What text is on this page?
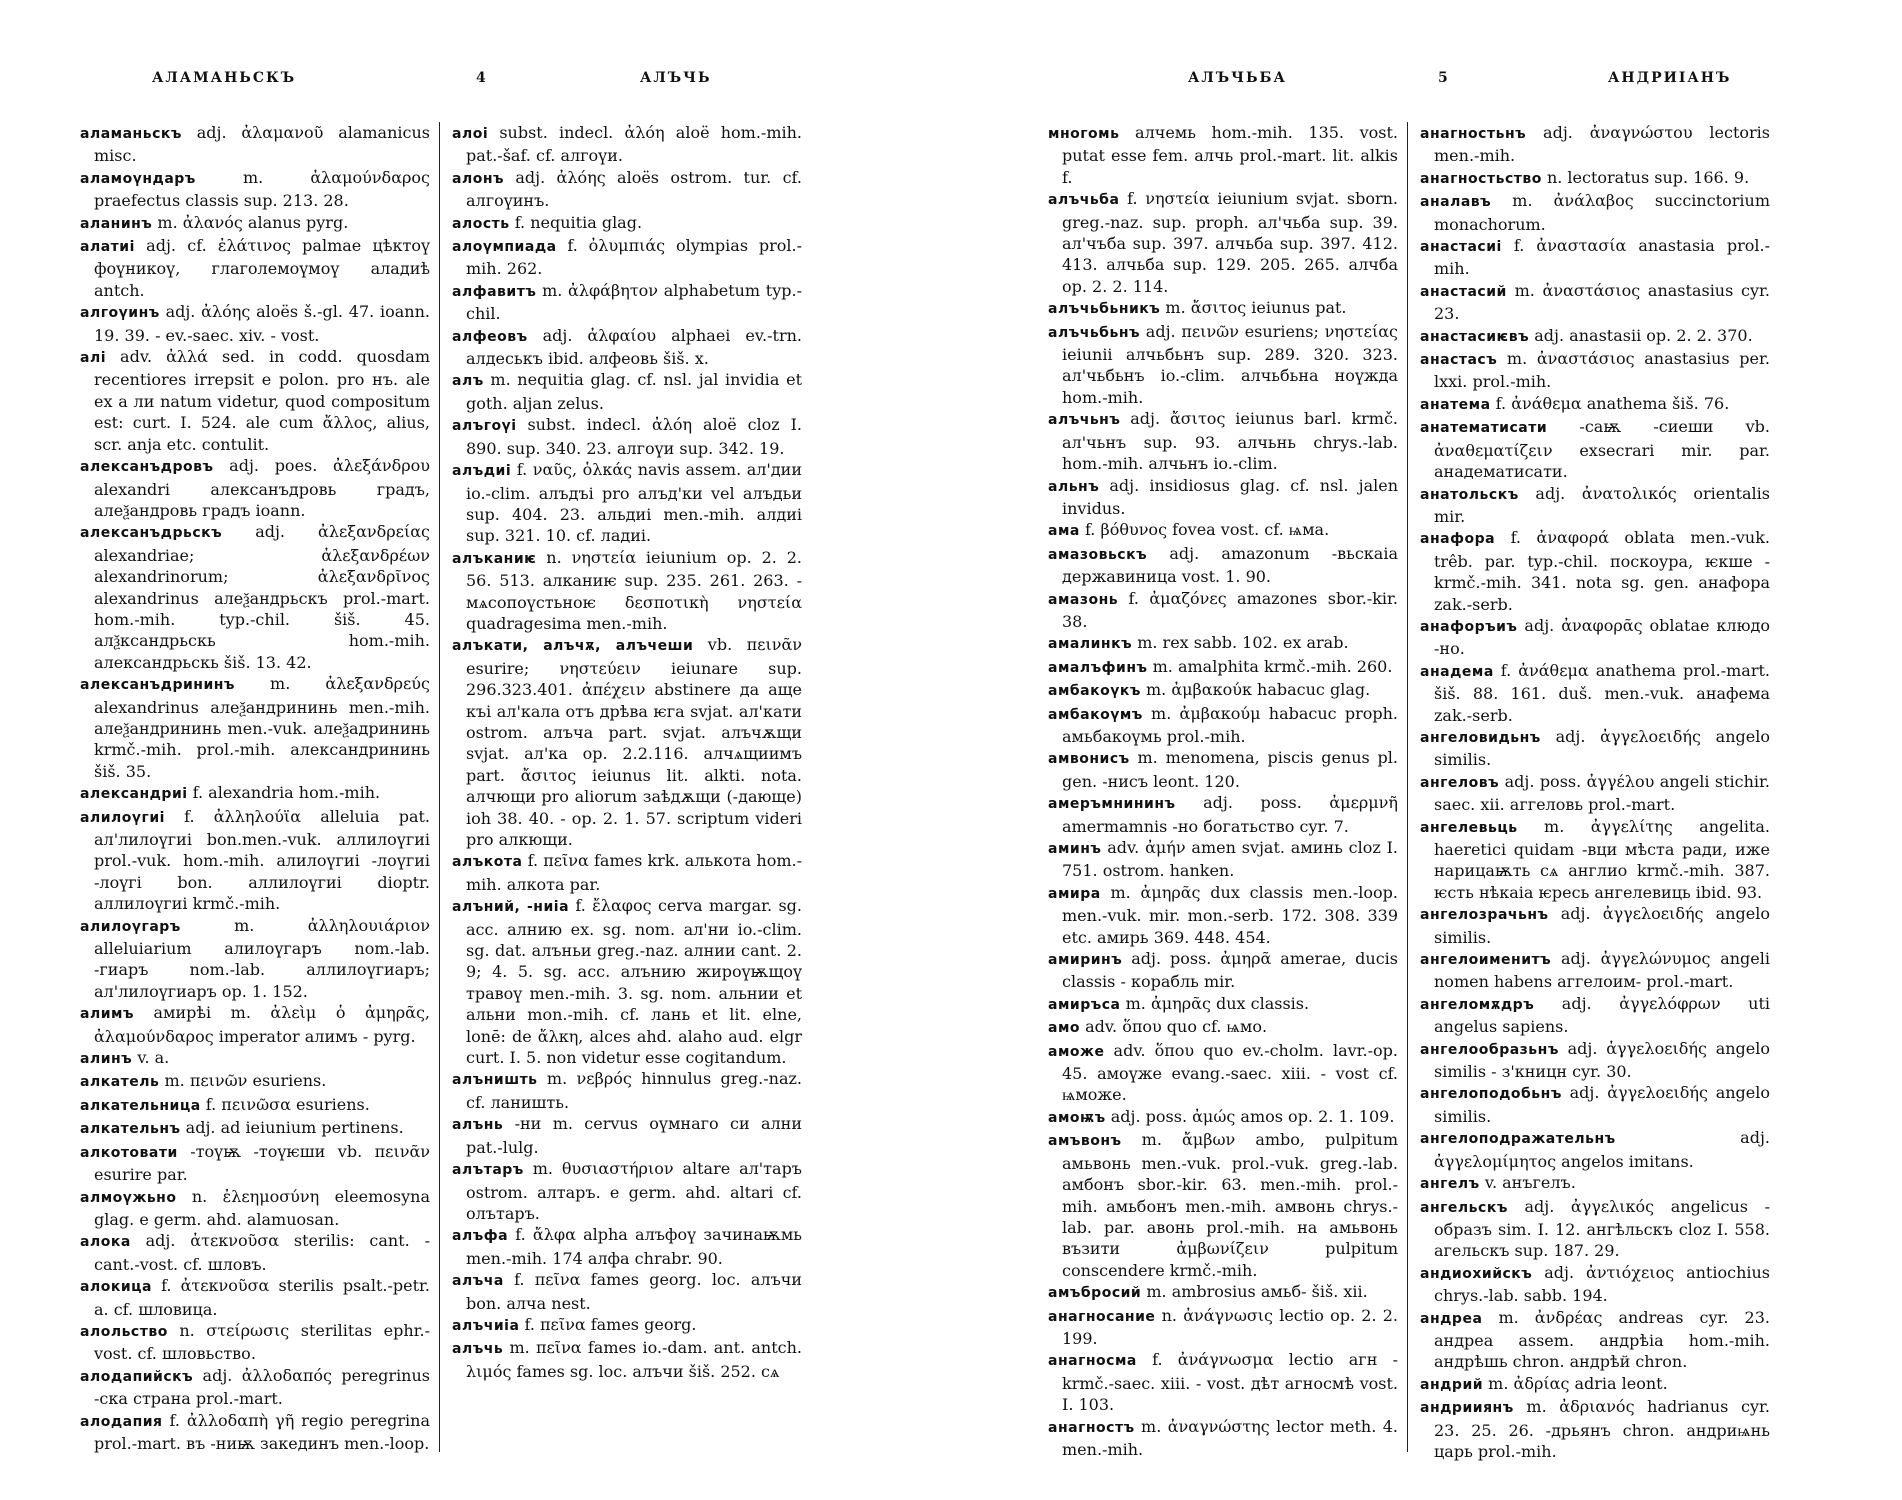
АЛАМАНЬСКЪ	4	АЛЪЧЬ

аламаньскъ adj. ἀλαμανοῦ alamanicus misc.

аламоүндаръ	m. ἀλαμούνδαρος praefectus classis sup. 213. 28.

аланинъ m. ἀλανός alanus pyrg.

алатиі adj. cf. ἐλάτινος palmae цѣктоү фоүникоү, глаголемоүмоү аладиѣ antch.

алгоүинъ adj. ἀλόης aloës š.-gl. 47. ioann. 19. 39. - ev.-saec. xiv. - vost.

алі adv. ἀλλά sed. in codd. quosdam recentiores irrepsit e polon. pro нъ. ale ex а ли natum videtur, quod compositum est: curt. I. 524. ale cum ἄλλος, alius, scr. anja etc. contulit.

алексанъдровъ adj. poes. ἀλεξάνδρου alexandri алексанъдровь градъ, алеѯандровь градъ ioann.

алексанъдрьскъ adj. ἀλεξανδρείας alexandriae; ἀλεξανδρέων alexandrinorum; ἀλεξανδρῖνος alexandrinus алеѯандрьскъ prol.-mart. hom.-mih. typ.-chil. šiš. 45. алѯксандрьскь hom.-mih. александрьскь šiš. 13. 42.

алексанъдрининъ m. ἀλεξανδρεύς alexandrinus алеѯандрининь men.-mih. алеѯандрининь men.-vuk. алеѯадрининь krmč.-mih. prol.-mih. александрининь šiš. 35.

александриі f. alexandria hom.-mih.

алилоүгиі f. ἀλληλούϊα alleluia pat. ал'лилоүгиі bon.men.-vuk. аллилоүгиі prol.-vuk. hom.-mih. алилоүгиі -лоүгиі -лоүгі bon. аллилоүгиі dioptr. аллилоүгиі krmč.-mih.

алилоүгаръ	m. ἀλληλουιάριον alleluiarium алилоүгаръ nom.-lab. -гиаръ nom.-lab. аллилоүгиаръ; ал'лилоүгиаръ op. 1. 152.

алимъ амирѣі m. ἀλεὶμ ὁ ἀμηρᾶς, ἀλαμούνδαρος imperator алимъ - pyrg.

алинъ v. а.

алкатель m. πεινῶν esuriens.

алкательница f. πεινῶσα esuriens.

алкательнъ adj. ad ieiunium pertinens.

алкотовати -тоүѭ -тоүѥши vb. πεινᾶν esurire par.

алмоүжьно n. ἐλεημοσύνη eleemosyna glag. e germ. ahd. alamuosan.

алока adj. ἀτεκνοῦσα sterilis: cant. - cant.-vost. cf. шловъ.

алокица f. ἀτεκνοῦσα sterilis psalt.-petr. a. cf. шловица.

алольство n. στείρωσις sterilitas ephr.-vost. cf. шловьство.

алодапийскъ adj. ἀλλοδαπός peregrinus -ска страна prol.-mart.

алодапия f. ἀλλοδαπὴ γῆ regio peregrina prol.-mart. въ -ниѭ закединъ men.-loop.

алоі subst. indecl. ἀλόη aloë hom.-mih. pat.-šaf. cf. алгоүи.

алонъ adj. ἀλόης aloës ostrom. tur. cf. алгоүинъ.

алость f. nequitia glag.

алоүмпиада f. ὀλυμπιάς olympias prol.-mih. 262.

алфавитъ m. ἀλφάβητον alphabetum typ.-chil.

алфеовъ adj. ἀλφαίου alphaei ev.-trn. алдеськъ ibid. алфеовь šiš. x.

алъ m. nequitia glag. cf. nsl. jal invidia et goth. aljan zelus.

алъгоүі subst. indecl. ἀλόη aloë cloz I. 890. sup. 340. 23. алгоүи sup. 342. 19.

алъдиі f. ναῦς, ὁλκάς navis assem. ал'дии io.-clim. алъдъі pro алъд'ки vel алъдьи sup. 404. 23. альдиі men.-mih. алдиі sup. 321. 10. cf. ладиі.

алъканиѥ n. νηστεία ieiunium op. 2. 2. 56. 513. алканиѥ sup. 235. 261. 263. - мѧсопоүстьноѥ δεσποτικὴ νηστεία quadragesima men.-mih.

алъкати, алъчѫ, алъчеши vb. πεινᾶν esurire; νηστεύειν ieiunare sup. 296.323.401. ἀπέχειν abstinere да аще къі ал'кала отъ дрѣва ѥга svjat. ал'кати ostrom. алъча part. svjat. алъчѫщи svjat. ал'ка op. 2.2.116. алчѧщиимъ part. ἄσιτος ieiunus lit. alkti. nota. алчющи pro aliorum заѣдѫщи (-дающе) ioh 38. 40. - op. 2. 1. 57. scriptum videri pro алкющи.

алъкота f. πεῖνα fames krk. алькота hom.-mih. алкота par.

алъний, -ниіа f. ἔλαφος cerva margar. sg. acc. алнию ex. sg. nom. ал'ни io.-clim. sg. dat. алъньи greg.-naz. алнии cant. 2. 9; 4. 5. sg. acc. алънию жироүѭщоү травоү men.-mih. 3. sg. nom. альнии et альни mon.-mih. cf. лань et lit. elne, lonē: de ἄλκη, alces ahd. alaho aud. elgr curt. I. 5. non videtur esse cogitandum.

алъништь m. νεβρός hinnulus greg.-naz. cf. ланишть.

алънь -ни m. cervus оүмнаго си ални pat.-lulg.

алътаръ m. θυσιαστήριον altare ал'таръ ostrom. алтаръ. e germ. ahd. altari cf. олътаръ.

алъфа f. ἄλφα alpha алъфоү зачинаѭмь men.-mih. 174 алфа chrabr. 90.

алъча f. πεῖνα fames georg. loc. алъчи bon. алча nest.

алъчиіа f. πεῖνα fames georg.

алъчь m. πεῖνα fames io.-dam. ant. antch. λιμός fames sg. loc. алъчи šiš. 252. сѧ

АЛЪЧЬБА	5	АНДРИІАНЪ

многомь алчемь hom.-mih. 135. vost. putat esse fem. алчь prol.-mart. lit. alkis f.

алъчьба f. νηστεία ieiunium svjat. sborn. greg.-naz. sup. proph. ал'чьба sup. 39. ал'чъба sup. 397. алчьба sup. 397. 412. 413. алчьба sup. 129. 205. 265. алчба op. 2. 2. 114.

алъчьбьникъ m. ἄσιτος ieiunus pat.

алъчьбьнъ adj. πεινῶν esuriens; νηστείας ieiunii алчьбьнъ sup. 289. 320. 323. ал'чьбьнъ io.-clim. алчьбьна ноүжда hom.-mih.

алъчьнъ adj. ἄσιτος ieiunus barl. krmč. ал'чьнъ sup. 93. алчьнь chrys.-lab. hom.-mih. алчьнъ io.-clim.

альнъ adj. insidiosus glag. cf. nsl. jalen invidus.

ама f. βόθυνος fovea vost. cf. ѩма.

амазовьскъ adj. amazonum -вьскаіа державиница vost. 1. 90.

амазонь f. ἀμαζόνες amazones sbor.-kir. 38.

амалинкъ m. rex sabb. 102. ex arab.

амалъфинъ m. amalphita krmč.-mih. 260.

амбакоүкъ m. ἀμβακούκ habacuc glag.

амбакоүмъ m. ἀμβακούμ habacuc proph. амьбакоүмь prol.-mih.

амвонисъ m. menomena, piscis genus pl. gen. -нисъ leont. 120.

амеръмнининъ adj. poss. ἀμερμνῆ amermamnis -но богатьство cyr. 7.

аминъ adv. ἀμήν amen svjat. аминь cloz I. 751. ostrom. hanken.

амира m. ἀμηρᾶς dux classis men.-loop. men.-vuk. mir. mon.-serb. 172. 308. 339 etc. амирь 369. 448. 454.

амиринъ adj. poss. ἀμηρᾶ amerae, ducis classis - корабль mir.

амиръса m. ἀμηρᾶς dux classis.

амо adv. ὅπου quo cf. ѩмо.

аможе adv. ὅπου quo ev.-cholm. lavr.-op. 45. амоүже evang.-saec. xiii. - vost cf. ѩможе.

амоѭъ adj. poss. ἀμώς amos op. 2. 1. 109.

амъвонъ m. ἄμβων ambo, pulpitum амьвонь men.-vuk. prol.-vuk. greg.-lab. амбонъ sbor.-kir. 63. men.-mih. prol.-mih. амьбонъ men.-mih. амвонь chrys.-lab. par. авонь prol.-mih. на амьвонь възити ἀμβωνίζειν pulpitum conscendere krmč.-mih.

амъбросий m. ambrosius амьб- šiš. xii.

анагносание n. ἀνάγνωσις lectio op. 2. 2. 199.

анагносма f. ἀνάγνωσμα lectio агн - krmč.-saec. xiii. - vost. дѣт агносмѣ vost. I. 103.

анагностъ m. ἀναγνώστης lector meth. 4. men.-mih.

анагностьнъ adj. ἀναγνώστου lectoris men.-mih.

анагностьство n. lectoratus sup. 166. 9.

аналавъ m. ἀνάλαβος succinctorium monachorum.

анастасиі f. ἀναστασία anastasia prol.-mih.

анастасий m. ἀναστάσιος anastasius cyr. 23.

анастасиѥвъ adj. anastasii op. 2. 2. 370.

анастасъ m. ἀναστάσιος anastasius per. lxxi. prol.-mih.

анатема f. ἀνάθεμα anathema šiš. 76.

анатематисати -саѭ -сиеши vb. ἀναθεματίζειν exsecrari mir. par. анадематисати.

анатольскъ adj. ἀνατολικός orientalis mir.

анафора f. ἀναφορά oblata men.-vuk. trêb. par. typ.-chil. поскоура, ѥкше - krmč.-mih. 341. nota sg. gen. анафора zak.-serb.

анафоръиъ adj. ἀναφορᾶς oblatae клюдо -но.

анадема f. ἀνάθεμα anathema prol.-mart. šiš. 88. 161. duš. men.-vuk. анафема zak.-serb.

ангеловидьнъ adj. ἀγγελοειδής angelo similis.

ангеловъ adj. poss. ἀγγέλου angeli stichir. saec. xii. аггеловь prol.-mart.

ангелевьць m. ἀγγελίτης angelita. haeretici quidam -вци мѣста ради, иже нарицаѭть сѧ англио krmč.-mih. 387. ѥсть нѣкаіа ѥресь ангелевиць ibid. 93.

ангелозрачьнъ adj. ἀγγελοειδής angelo similis.

ангелоименитъ adj. ἀγγελώνυμος angeli nomen habens аггелоим- prol.-mart.

ангеломѫдръ adj. ἀγγελόφρων uti angelus sapiens.

ангелообразьнъ adj. ἀγγελοειδής angelo similis - з'кницн cyr. 30.

ангелоподобьнъ adj. ἀγγελοειδής angelo similis.

ангелоподражательнъ	adj. ἀγγελομίμητος angelos imitans.

ангелъ v. анъгелъ.

ангельскъ adj. ἀγγελικός angelicus - образъ sim. I. 12. ангѣльскъ cloz I. 558. агельскъ sup. 187. 29.

андиохийскъ adj. ἀντιόχειος antiochius chrys.-lab. sabb. 194.

андреа m. ἀνδρέας andreas cyr. 23. андреа assem. андрѣіа hom.-mih. андрѣшь chron. андрѣй chron.

андрий m. ἀδρίας adria leont.

андрииянъ m. ἀδριανός hadrianus cyr. 23. 25. 26. -дрьянъ chron. андриѩнь царь prol.-mih.
